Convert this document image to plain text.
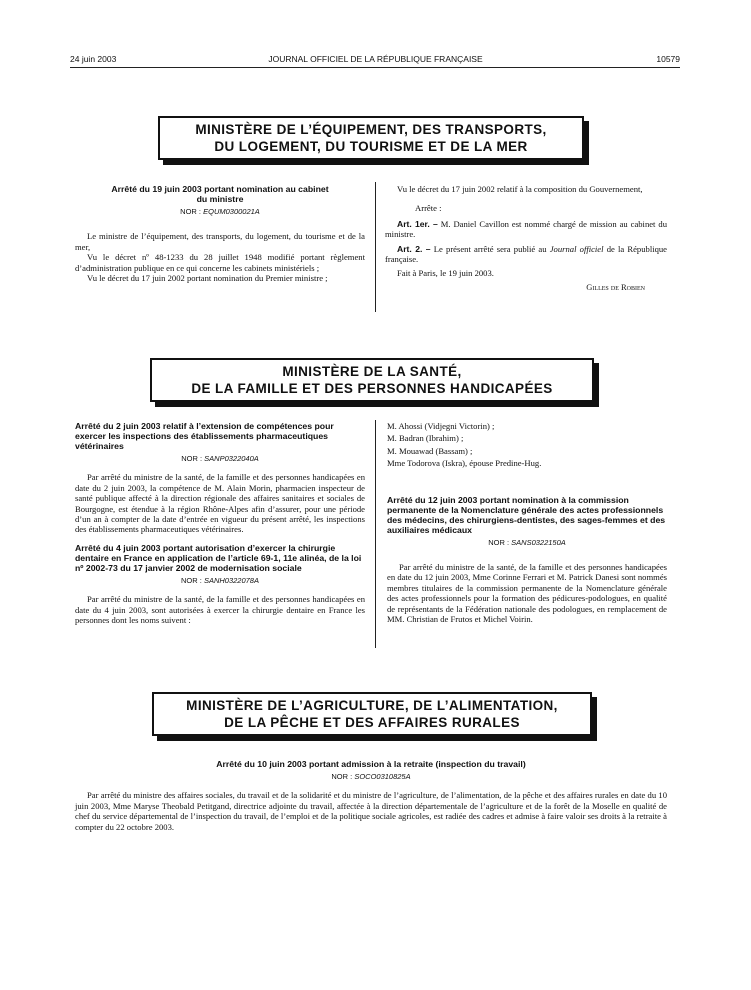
24 juin 2003	JOURNAL OFFICIEL DE LA RÉPUBLIQUE FRANÇAISE	10579
MINISTÈRE DE L’ÉQUIPEMENT, DES TRANSPORTS,
DU LOGEMENT, DU TOURISME ET DE LA MER
Arrêté du 19 juin 2003 portant nomination au cabinet du ministre
NOR : EQUM0300021A

Le ministre de l’équipement, des transports, du logement, du tourisme et de la mer,

Vu le décret nº 48-1233 du 28 juillet 1948 modifié portant règlement d’administration publique en ce qui concerne les cabinets ministériels ;

Vu le décret du 17 juin 2002 portant nomination du Premier ministre ;

Vu le décret du 17 juin 2002 relatif à la composition du Gouvernement,

Arrête :

Art. 1er. – M. Daniel Cavillon est nommé chargé de mission au cabinet du ministre.

Art. 2. – Le présent arrêté sera publié au Journal officiel de la République française.

Fait à Paris, le 19 juin 2003.

Gilles de Robien
MINISTÈRE DE LA SANTÉ,
DE LA FAMILLE ET DES PERSONNES HANDICAPÉES
Arrêté du 2 juin 2003 relatif à l’extension de compétences pour exercer les inspections des établissements pharmaceutiques vétérinaires
NOR : SANP0322040A

Par arrêté du ministre de la santé, de la famille et des personnes handicapées en date du 2 juin 2003, la compétence de M. Alain Morin, pharmacien inspecteur de santé publique affecté à la direction régionale des affaires sanitaires et sociales de Bourgogne, est étendue à la région Rhône-Alpes afin d’assurer, pour une période d’un an à compter de la date d’entrée en vigueur du présent arrêté, les inspections des établissements pharmaceutiques vétérinaires.

Arrêté du 4 juin 2003 portant autorisation d’exercer la chirurgie dentaire en France en application de l’article 69-1, 11e alinéa, de la loi nº 2002-73 du 17 janvier 2002 de modernisation sociale
NOR : SANH0322078A

Par arrêté du ministre de la santé, de la famille et des personnes handicapées en date du 4 juin 2003, sont autorisées à exercer la chirurgie dentaire en France les personnes dont les noms suivent :

M. Ahossi (Vidjegni Victorin) ;

M. Badran (Ibrahim) ;

M. Mouawad (Bassam) ;

Mme Todorova (Iskra), épouse Predine-Hug.

Arrêté du 12 juin 2003 portant nomination à la commission permanente de la Nomenclature générale des actes professionnels des médecins, des chirurgiens-dentistes, des sages-femmes et des auxiliaires médicaux
NOR : SANS0322150A

Par arrêté du ministre de la santé, de la famille et des personnes handicapées en date du 12 juin 2003, Mme Corinne Ferrari et M. Patrick Danesi sont nommés membres titulaires de la commission permanente de la Nomenclature générale des actes professionnels pour la formation des pédicures-podologues, en qualité de représentants de la Fédération nationale des podologues, en remplacement de MM. Christian de Frutos et Michel Voirin.

MINISTÈRE DE L’AGRICULTURE, DE L’ALIMENTATION,
DE LA PÊCHE ET DES AFFAIRES RURALES
Arrêté du 10 juin 2003 portant admission à la retraite (inspection du travail)
NOR : SOCO0310825A

Par arrêté du ministre des affaires sociales, du travail et de la solidarité et du ministre de l’agriculture, de l’alimentation, de la pêche et des affaires rurales en date du 10 juin 2003, Mme Maryse Theobald Petitgand, directrice adjointe du travail, affectée à la direction départementale de l’agriculture et de la forêt de la Moselle en qualité de chef du service départemental de l’inspection du travail, de l’emploi et de la politique sociale agricoles, est radiée des cadres et admise à faire valoir ses droits à la retraite à compter du 22 octobre 2003.
